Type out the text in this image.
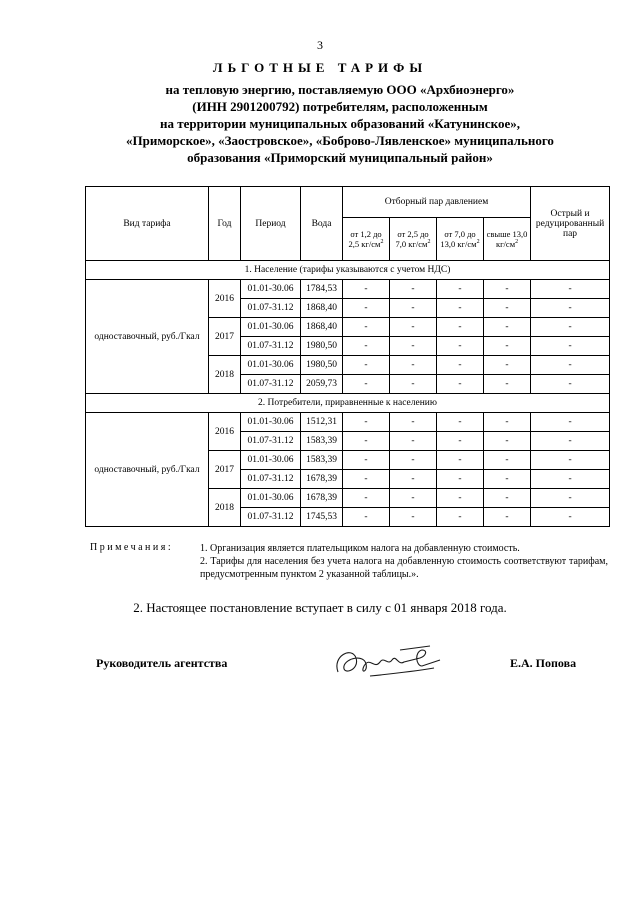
3
ЛЬГОТНЫЕ ТАРИФЫ
на тепловую энергию, поставляемую ООО «Архбиоэнерго»
(ИНН 2901200792) потребителям, расположенным
на территории муниципальных образований «Катунинское»,
«Приморское», «Заостровское», «Боброво-Лявленское» муниципального
образования «Приморский муниципальный район»
Вид тарифа	Год	Период	Вода	Отборный пар давлением				Острый и редуцированный пар
				от 1,2 до 2,5 $кг/см^2$	от 2,5 до 7,0 $кг/см^2$	от 7,0 до 13,0 $кг/см^2$	свыше 13,0 $кг/см^2$
1. Население (тарифы указываются с учетом НДС)								
одноставочный, руб./Гкал	2016	01.01-30.06	1784,53	-	-	-	-	-
		01.07-31.12	1868,40	-	-	-	-	-
	2017	01.01-30.06	1868,40	-	-	-	-	-
		01.07-31.12	1980,50	-	-	-	-	-
	2018	01.01-30.06	1980,50	-	-	-	-	-
		01.07-31.12	2059,73	-	-	-	-	-
2. Потребители, приравненные к населению								
одноставочный, руб./Гкал	2016	01.01-30.06	1512,31	-	-	-	-	-
		01.07-31.12	1583,39	-	-	-	-	-
	2017	01.01-30.06	1583,39	-	-	-	-	-
		01.07-31.12	1678,39	-	-	-	-	-
	2018	01.01-30.06	1678,39	-	-	-	-	-
		01.07-31.12	1745,53	-	-	-	-	-
Примечания:	1. Организация является плательщиком налога на добавленную стоимость.
2. Тарифы для населения без учета налога на добавленную стоимость соответствуют тарифам, предусмотренным пунктом 2 указанной таблицы.».
2. Настоящее постановление вступает в силу с 01 января 2018 года.
Руководитель агентства	Е.А. Попова
